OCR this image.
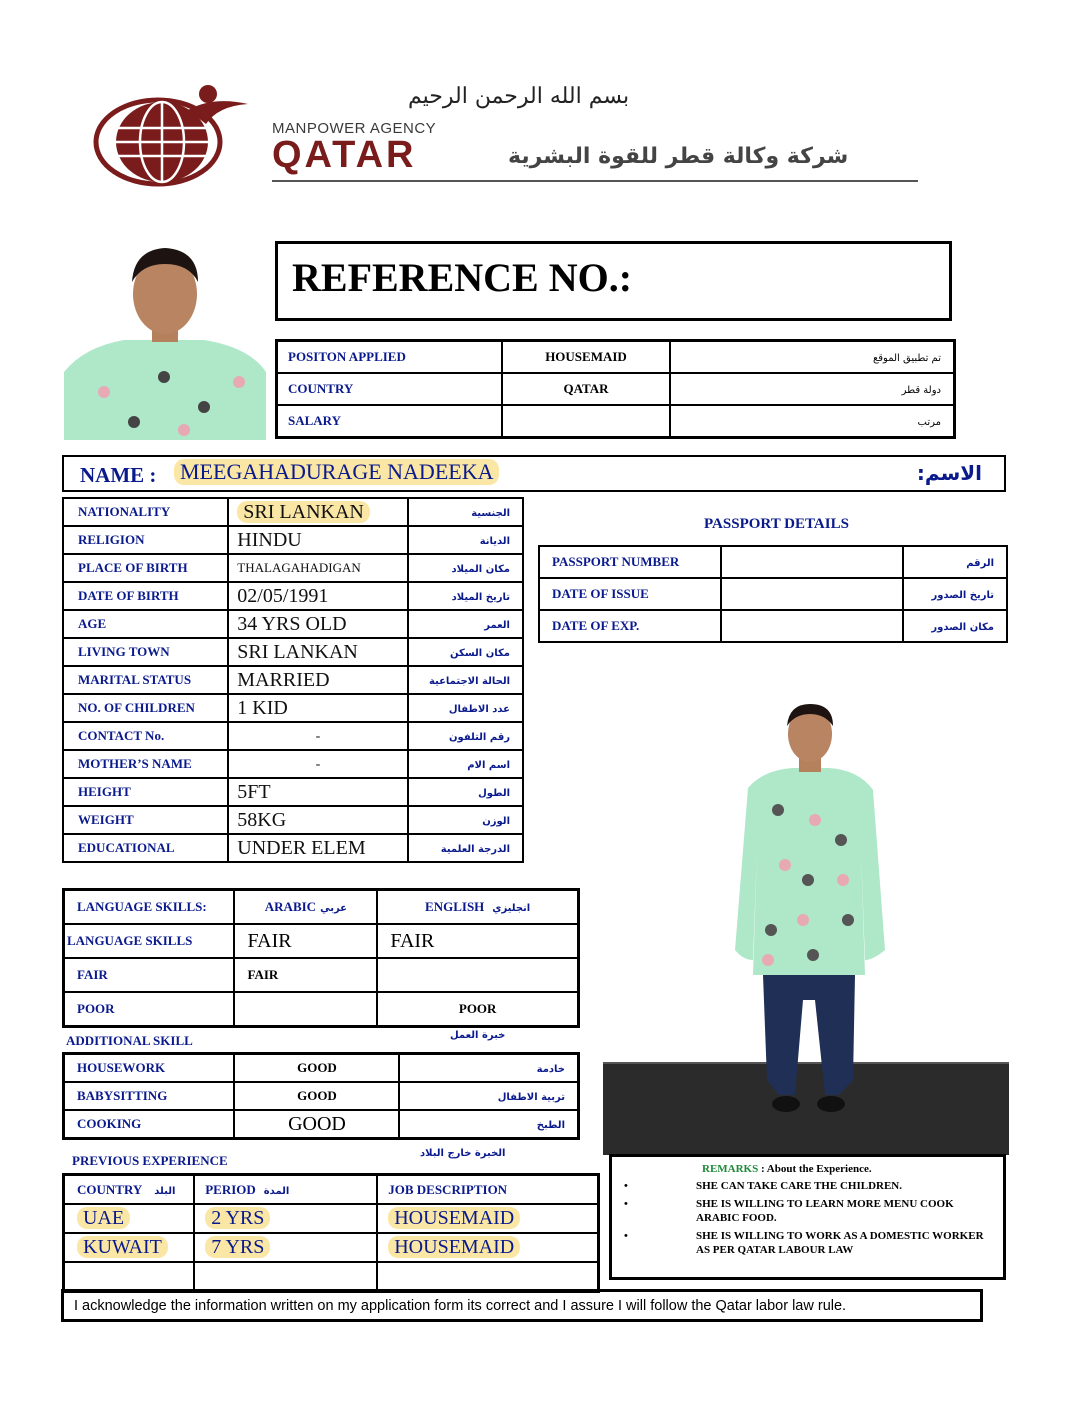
بسم الله الرحمن الرحيم
MANPOWER AGENCY
QATAR	شركة وكالة قطر للقوة البشرية
REFERENCE NO.:
POSITON APPLIED	HOUSEMAID	تم تطبيق الموقع
COUNTRY	QATAR	دولة قطر
SALARY		مرتب
NAME : MEEGAHADURAGE NADEEKA	:الاسم
NATIONALITY	SRI LANKAN	الجنسية
RELIGION	HINDU	الديانة
PLACE OF BIRTH	THALAGAHADIGAN	مكان الميلاد
DATE OF BIRTH	02/05/1991	تاريخ الميلاد
AGE	34 YRS OLD	العمر
LIVING TOWN	SRI LANKAN	مكان السكن
MARITAL STATUS	MARRIED	الحالة الاجتماعية
NO. OF CHILDREN	1 KID	عدد الاطفال
CONTACT No.	-	رقم التلفون
MOTHER’S NAME	-	اسم الام
HEIGHT	5FT	الطول
WEIGHT	58KG	الوزن
EDUCATIONAL	UNDER ELEM	الدرجة العلمية
PASSPORT DETAILS
PASSPORT NUMBER		الرقم
DATE OF ISSUE		تاريخ الصدور
DATE OF EXP.		مكان الصدور
LANGUAGE SKILLS:	ARABIC عربي	ENGLISH انجليزي
LANGUAGE SKILLS	FAIR	FAIR
FAIR	FAIR	
POOR		POOR
ADDITIONAL SKILL	خبرة العمل
HOUSEWORK	GOOD	خادمة
BABYSITTING	GOOD	تربية الاطفال
COOKING	GOOD	الطبخ
PREVIOUS EXPERIENCE	الخبرة خارج البلاد
COUNTRY البلد	PERIOD المدة	JOB DESCRIPTION
UAE	2 YRS	HOUSEMAID
KUWAIT	7 YRS	HOUSEMAID

REMARKS : About the Experience.
•	SHE CAN TAKE CARE THE CHILDREN.
•	SHE IS WILLING TO LEARN MORE MENU COOK ARABIC FOOD.
•	SHE IS WILLING TO WORK AS A DOMESTIC WORKER AS PER QATAR LABOUR LAW
I acknowledge the information written on my application form its correct and I assure I will follow the Qatar labor law rule.
